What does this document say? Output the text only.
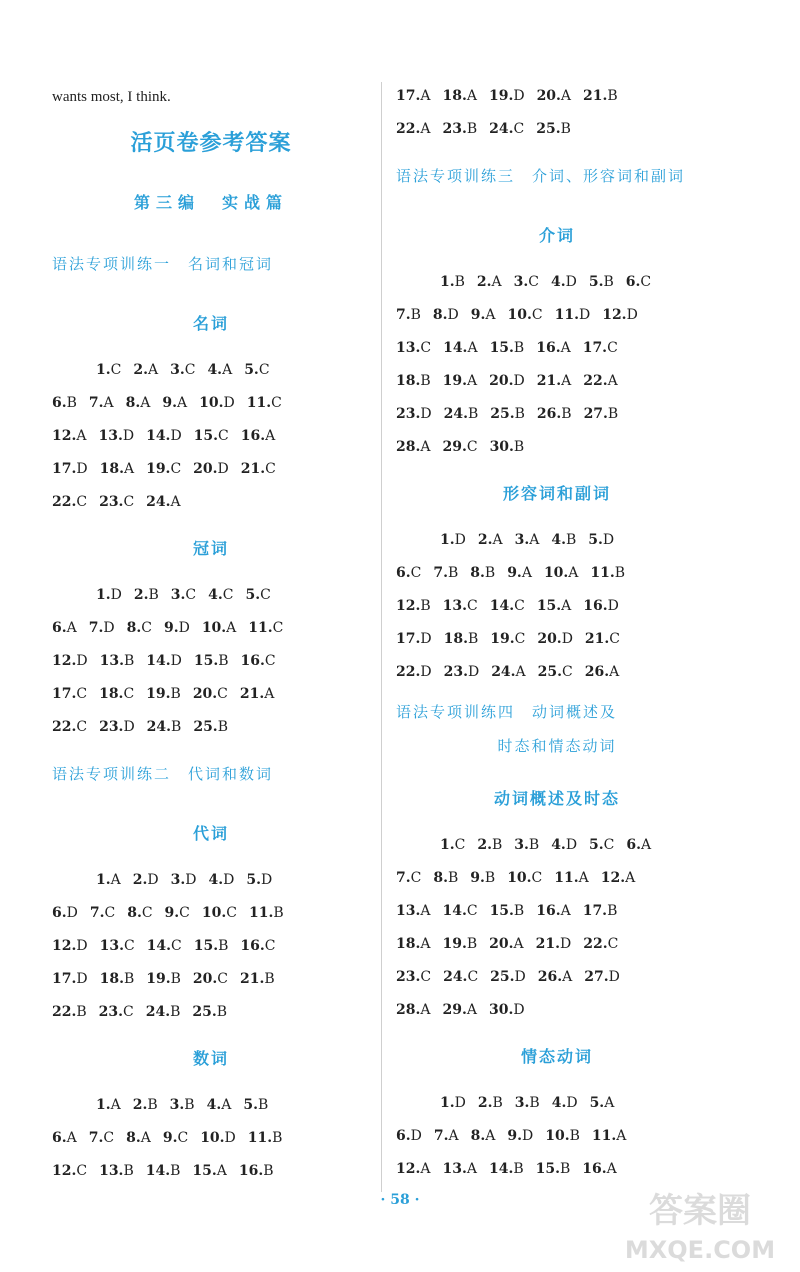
wants most, I think.
活页卷参考答案
第三编　实战篇
语法专项训练一　名词和冠词
名词
1.C 2.A 3.C 4.A 5.C
6.B 7.A 8.A 9.A 10.D 11.C
12.A 13.D 14.D 15.C 16.A
17.D 18.A 19.C 20.D 21.C
22.C 23.C 24.A
冠词
1.D 2.B 3.C 4.C 5.C
6.A 7.D 8.C 9.D 10.A 11.C
12.D 13.B 14.D 15.B 16.C
17.C 18.C 19.B 20.C 21.A
22.C 23.D 24.B 25.B
语法专项训练二　代词和数词
代词
1.A 2.D 3.D 4.D 5.D
6.D 7.C 8.C 9.C 10.C 11.B
12.D 13.C 14.C 15.B 16.C
17.D 18.B 19.B 20.C 21.B
22.B 23.C 24.B 25.B
数词
1.A 2.B 3.B 4.A 5.B
6.A 7.C 8.A 9.C 10.D 11.B
12.C 13.B 14.B 15.A 16.B
17.A 18.A 19.D 20.A 21.B
22.A 23.B 24.C 25.B
语法专项训练三　介词、形容词和副词
介词
1.B 2.A 3.C 4.D 5.B 6.C
7.B 8.D 9.A 10.C 11.D 12.D
13.C 14.A 15.B 16.A 17.C
18.B 19.A 20.D 21.A 22.A
23.D 24.B 25.B 26.B 27.B
28.A 29.C 30.B
形容词和副词
1.D 2.A 3.A 4.B 5.D
6.C 7.B 8.B 9.A 10.A 11.B
12.B 13.C 14.C 15.A 16.D
17.D 18.B 19.C 20.D 21.C
22.D 23.D 24.A 25.C 26.A
语法专项训练四　动词概述及
时态和情态动词
动词概述及时态
1.C 2.B 3.B 4.D 5.C 6.A
7.C 8.B 9.B 10.C 11.A 12.A
13.A 14.C 15.B 16.A 17.B
18.A 19.B 20.A 21.D 22.C
23.C 24.C 25.D 26.A 27.D
28.A 29.A 30.D
情态动词
1.D 2.B 3.B 4.D 5.A
6.D 7.A 8.A 9.D 10.B 11.A
12.A 13.A 14.B 15.B 16.A
· 58 ·	答案圈
MXQE.COM
